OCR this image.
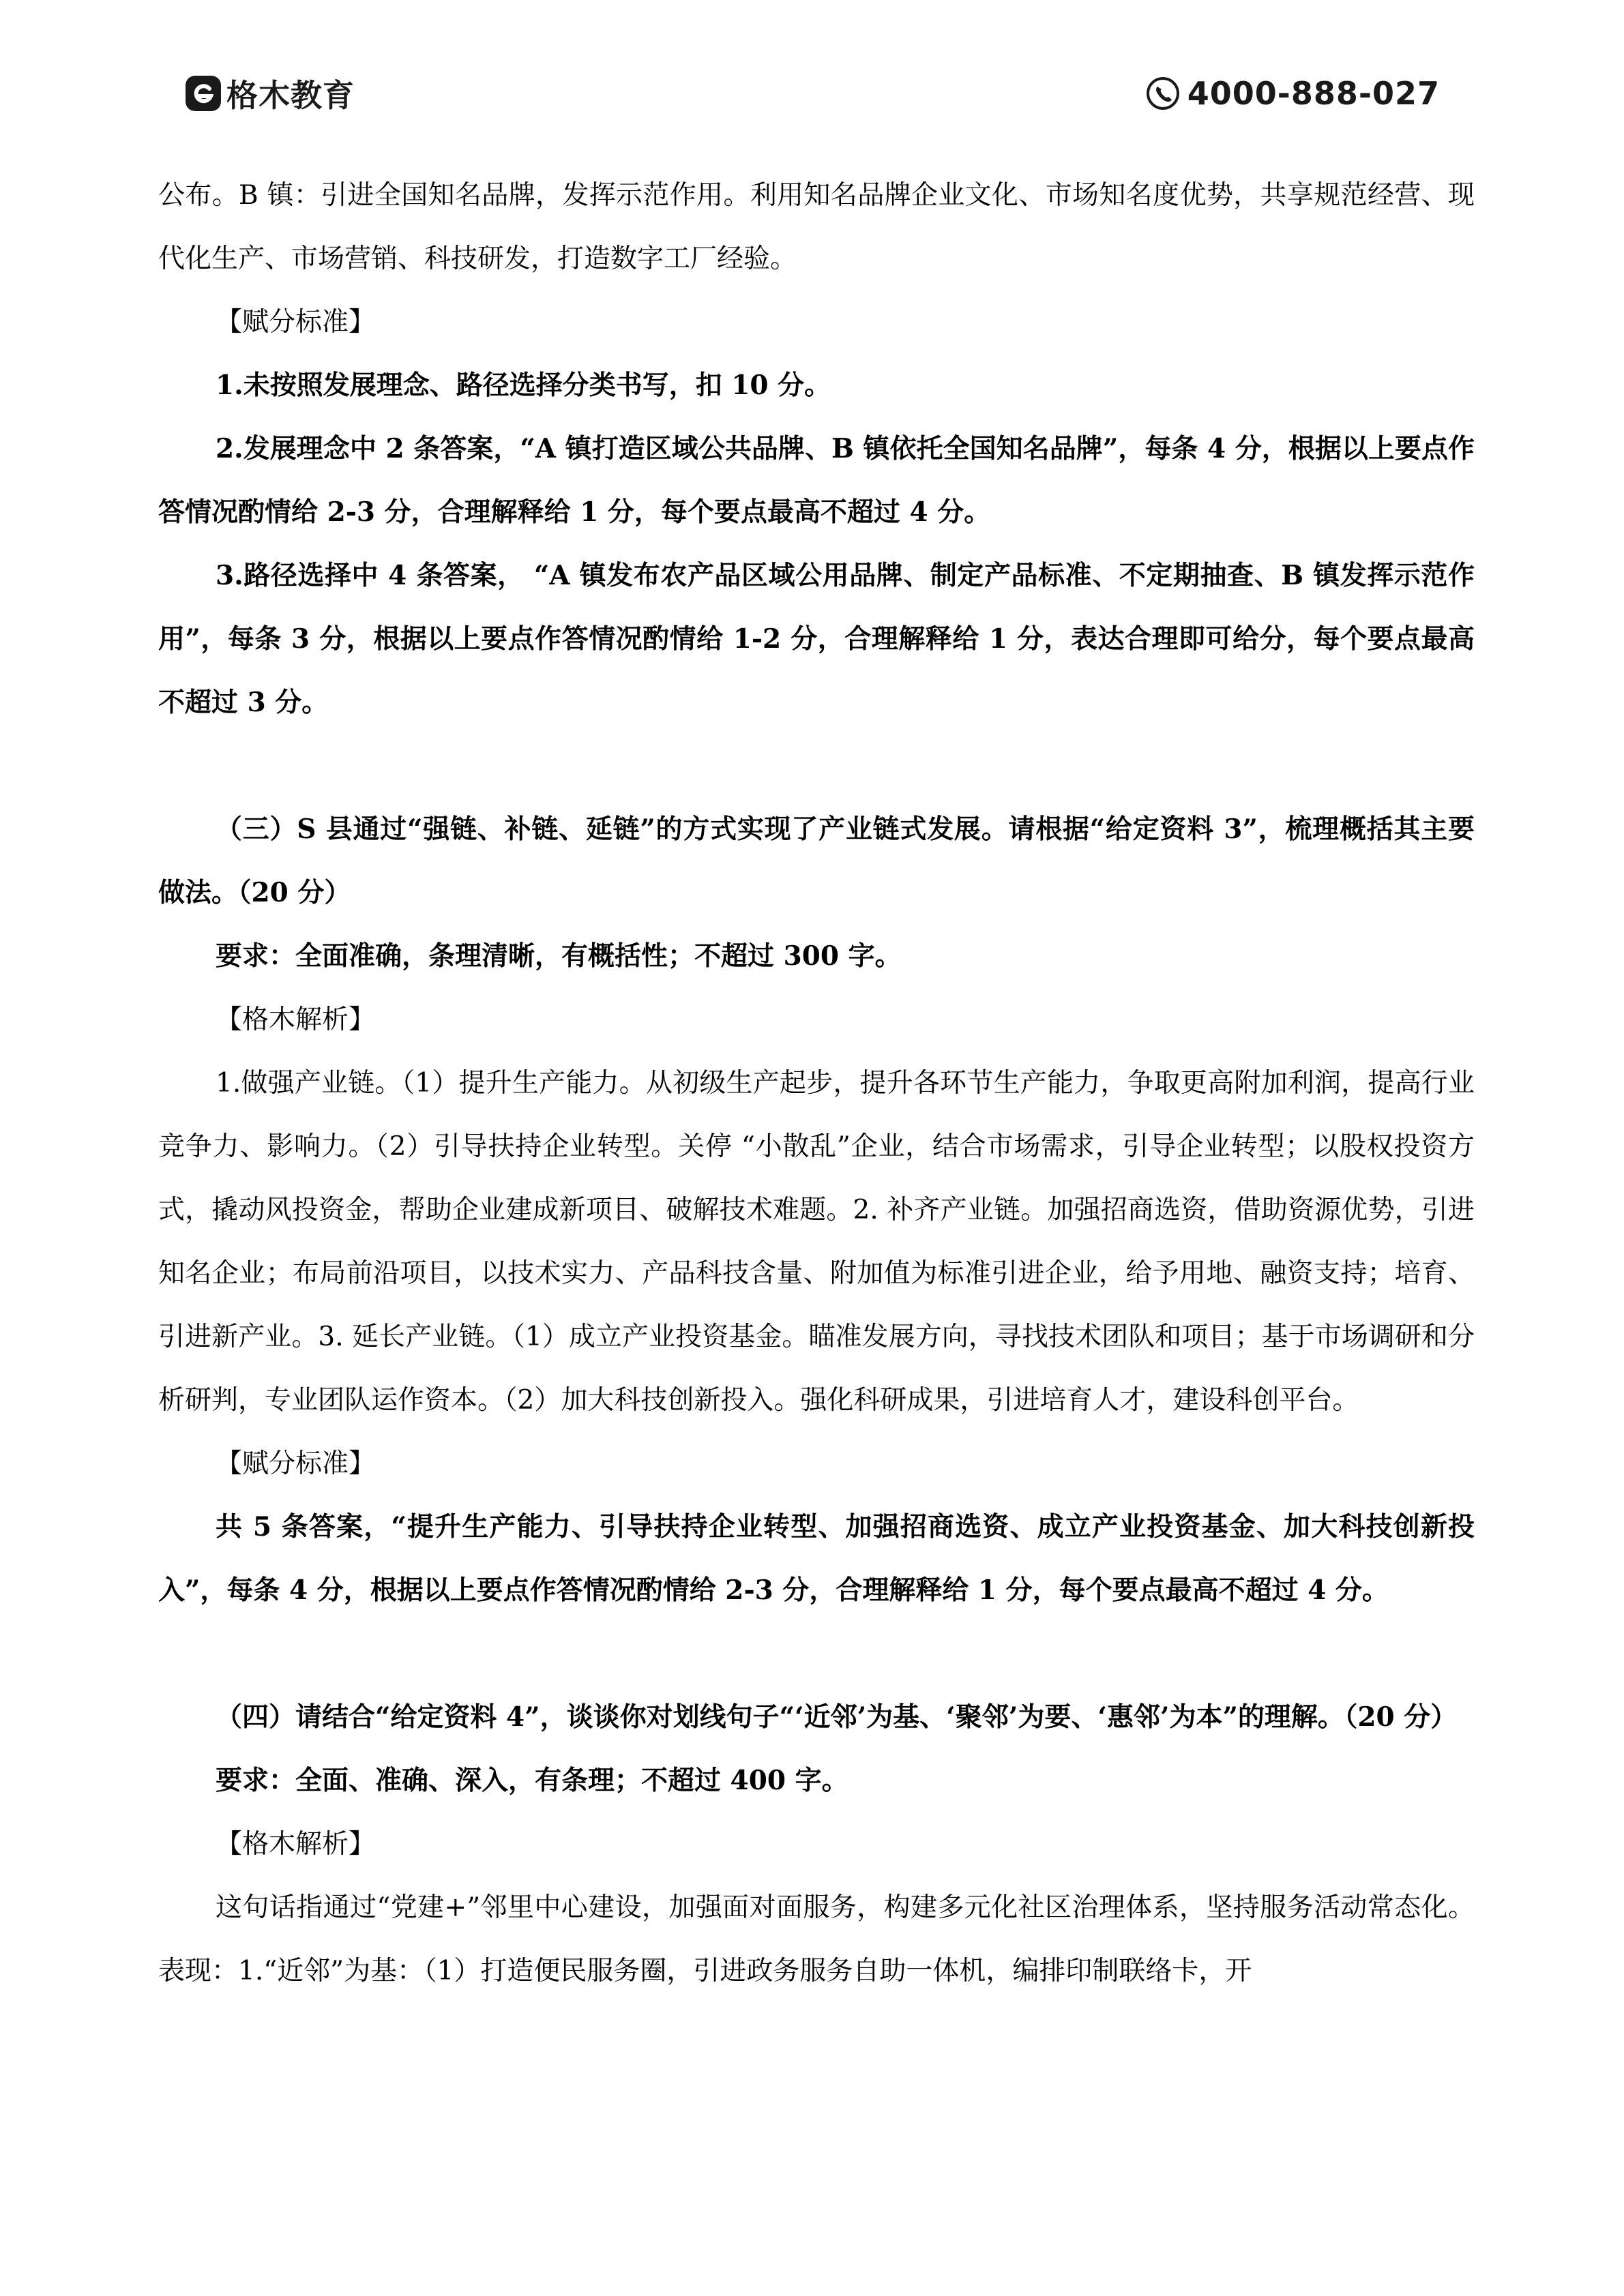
格木教育	4000-888-027

公布。B 镇：引进全国知名品牌，发挥示范作用。利用知名品牌企业文化、市场知名度优势，共享规范经营、现代化生产、市场营销、科技研发，打造数字工厂经验。

【赋分标准】

1.未按照发展理念、路径选择分类书写，扣 10 分。

2.发展理念中 2 条答案，“A 镇打造区域公共品牌、B 镇依托全国知名品牌”，每条 4 分，根据以上要点作答情况酌情给 2-3 分，合理解释给 1 分，每个要点最高不超过 4 分。

3.路径选择中 4 条答案， “A 镇发布农产品区域公用品牌、制定产品标准、不定期抽查、B 镇发挥示范作用”，每条 3 分，根据以上要点作答情况酌情给 1-2 分，合理解释给 1 分，表达合理即可给分，每个要点最高不超过 3 分。

（三）S 县通过“强链、补链、延链”的方式实现了产业链式发展。请根据“给定资料 3”，梳理概括其主要做法。（20 分）

要求：全面准确，条理清晰，有概括性；不超过 300 字。

【格木解析】

1.做强产业链。（1）提升生产能力。从初级生产起步，提升各环节生产能力，争取更高附加利润，提高行业竞争力、影响力。（2）引导扶持企业转型。关停 “小散乱”企业，结合市场需求，引导企业转型；以股权投资方式，撬动风投资金，帮助企业建成新项目、破解技术难题。2. 补齐产业链。加强招商选资，借助资源优势，引进知名企业；布局前沿项目，以技术实力、产品科技含量、附加值为标准引进企业，给予用地、融资支持；培育、引进新产业。3. 延长产业链。（1）成立产业投资基金。瞄准发展方向，寻找技术团队和项目；基于市场调研和分析研判，专业团队运作资本。（2）加大科技创新投入。强化科研成果，引进培育人才，建设科创平台。

【赋分标准】

共 5 条答案，“提升生产能力、引导扶持企业转型、加强招商选资、成立产业投资基金、加大科技创新投入”，每条 4 分，根据以上要点作答情况酌情给 2-3 分，合理解释给 1 分，每个要点最高不超过 4 分。

（四）请结合“给定资料 4”，谈谈你对划线句子“‘近邻’为基、‘聚邻’为要、‘惠邻’为本”的理解。（20 分）

要求：全面、准确、深入，有条理；不超过 400 字。

【格木解析】

这句话指通过“党建+”邻里中心建设，加强面对面服务，构建多元化社区治理体系，坚持服务活动常态化。表现：1.“近邻”为基：（1）打造便民服务圈，引进政务服务自助一体机，编排印制联络卡，开
